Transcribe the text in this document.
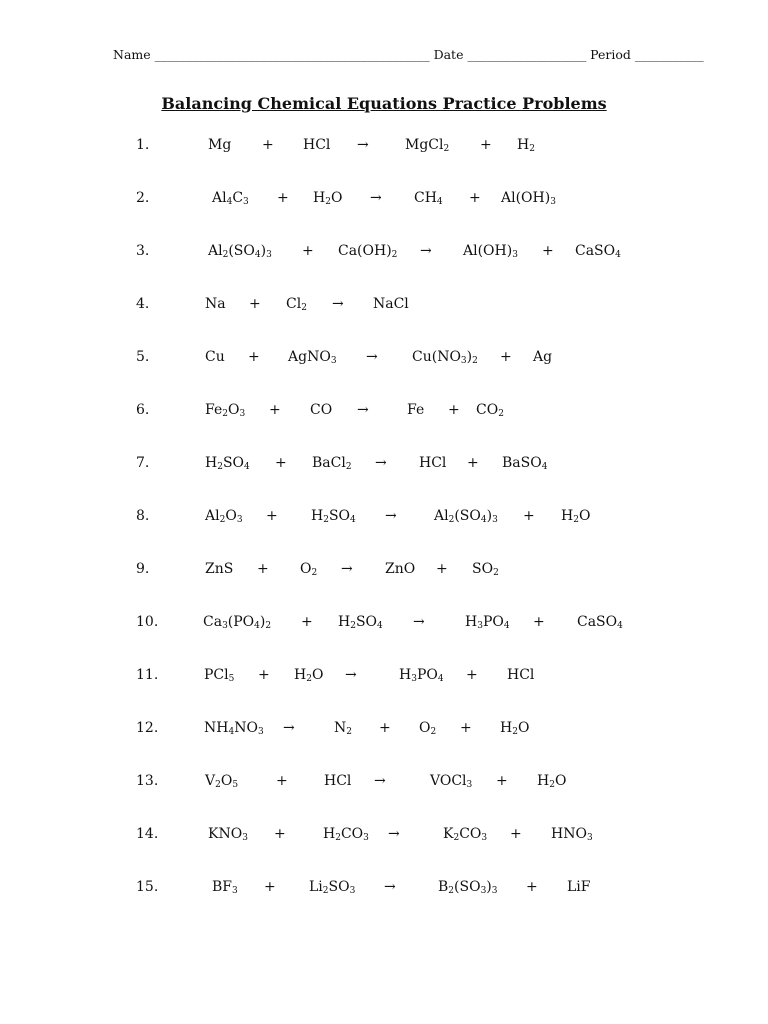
Name ____________________________________________ Date ___________________ Period ___________
Balancing Chemical Equations Practice Problems
1.	Mg + HCl →	MgCl$_2$ + $H_2$
2.	$Al_4C_3 + H_2O \to CH_4 + Al(OH)_3$
3.	$Al_2(SO_4)_3 + Ca(OH)_2 \to Al(OH)_3$ + CaSO$_4$
4.	$Na + Cl_2$ → NaCl
5.	Cu + AgNO$_3$ → $Cu(NO_3)_2 + Ag$
6.	$Fe_2O_3$ + CO →	$Fe + CO_2$
7.	$H_2SO_4$ + BaCl$_2$ → HCl + BaSO$_4$
8.	$Al_2O_3 + H_2SO_4$ →	$Al_2(SO_4)_3 + H_2O$
9.	ZnS + $O_2$ → ZnO + $SO_2$
10.	$Ca_3(PO_4)_2 + H_2SO_4$ →	$H_3PO_4$ + CaSO$_4$
11.	$PCl_5 + H_2O$ →	$H_3PO_4$ + HCl
12.	$NH_4NO_3$ →	$N_2 + O_2 + H_2O$
13.	$V_2O_5$	+	HCl →	VOCl$_3$ + $H_2O$
14.	$KNO_3$ +	$H_2CO_3$ →	$K_2CO_3 + HNO_3$
15.	$BF_3 + Li_2SO_3$ →	$B_2(SO_3)_3$ + LiF
